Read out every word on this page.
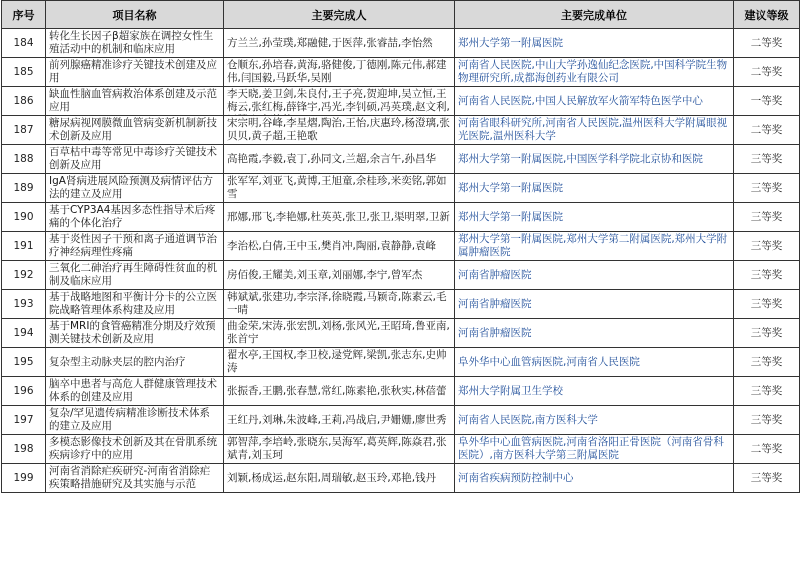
序号	项目名称	主要完成人	主要完成单位	建议等级

184	转化生长因子β超家族在调控女性生殖活动中的机制和临床应用	方兰兰,孙莹璞,郑融健,于医萍,张睿喆,李怡然	郑州大学第一附属医院	二等奖

185	前列腺癌精准诊疗关键技术创建及应用	仓顺东,孙培春,黄海,骆健俊,丁德刚,陈元伟,郝建伟,闫国毅,马跃华,吴刚	河南省人民医院,中山大学孙逸仙纪念医院,中国科学院生物物理研究所,成都海创药业有限公司	二等奖

186	缺血性脑血管病救治体系创建及示范应用	李天晓,姜卫剑,朱良付,王子亮,贺迎坤,吴立恒,王梅云,张红梅,薛锋宇,冯光,李钊硕,冯英璞,赵文利,	河南省人民医院,中国人民解放军火箭军特色医学中心	一等奖

187	糖尿病视网膜微血管病变新机制新技术创新及应用	宋宗明,谷峰,李星熠,陶治,王怡,庆惠玲,杨澄璃,张贝贝,黄子超,王艳歌	河南省眼科研究所,河南省人民医院,温州医科大学附属眼视光医院,温州医科大学	二等奖

188	百草枯中毒等常见中毒诊疗关键技术创新及应用	高艳霞,李毅,袁丁,孙同文,兰超,余言午,孙昌华	郑州大学第一附属医院,中国医学科学院北京协和医院	三等奖

189	IgA肾病进展风险预测及病情评估方法的建立及应用	张军军,刘亚飞,黄博,王旭童,余桂珍,米奕铭,郭如雪	郑州大学第一附属医院	三等奖

190	基于CYP3A4基因多态性指导术后疼痛的个体化治疗	邢娜,邢飞,李艳娜,杜英英,张卫,张卫,渠明翠,卫新	郑州大学第一附属医院	三等奖

191	基于炎性因子干预和离子通道调节治疗神经病理性疼痛	李治松,白倩,王中玉,樊肖冲,陶丽,袁静静,袁峰	郑州大学第一附属医院,郑州大学第二附属医院,郑州大学附属肿瘤医院	三等奖

192	三氧化二砷治疗再生障碍性贫血的机制及临床应用	房佰俊,王耀美,刘玉章,刘丽娜,李宁,曾军杰	河南省肿瘤医院	三等奖

193	基于战略地图和平衡计分卡的公立医院战略管理体系构建及应用	韩斌斌,张建功,李宗泽,徐晓霞,马颖奇,陈素云,毛一晴	河南省肿瘤医院	三等奖

194	基于MRI的食管癌精准分期及疗效预测关键技术创新及应用	曲金荣,宋涛,张宏凯,刘杨,张风光,王昭琦,鲁亚南,张首宁	河南省肿瘤医院	三等奖

195	复杂型主动脉夹层的腔内治疗	翟水亭,王国权,李卫校,逯党辉,梁凯,张志东,史帅涛	阜外华中心血管病医院,河南省人民医院	三等奖

196	脑卒中患者与高危人群健康管理技术体系的创建及应用	张振香,王鹏,张春慧,常红,陈素艳,张秋实,林蓓蕾	郑州大学附属卫生学校	三等奖

197	复杂/罕见遗传病精准诊断技术体系的建立及应用	王红丹,刘琳,朱波峰,王莉,冯战启,尹姗姗,廖世秀	河南省人民医院,南方医科大学	三等奖

198	多模态影像技术创新及其在骨肌系统疾病诊疗中的应用	郭智萍,李培岭,张晓东,吴海军,葛英辉,陈焱君,张斌青,刘玉珂	阜外华中心血管病医院,河南省洛阳正骨医院（河南省骨科医院）,南方医科大学第三附属医院	二等奖

199	河南省消除疟疾研究-河南省消除疟疾策略措施研究及其实施与示范	刘颖,杨成运,赵东阳,周瑞敏,赵玉玲,邓艳,钱丹	河南省疾病预防控制中心	三等奖
